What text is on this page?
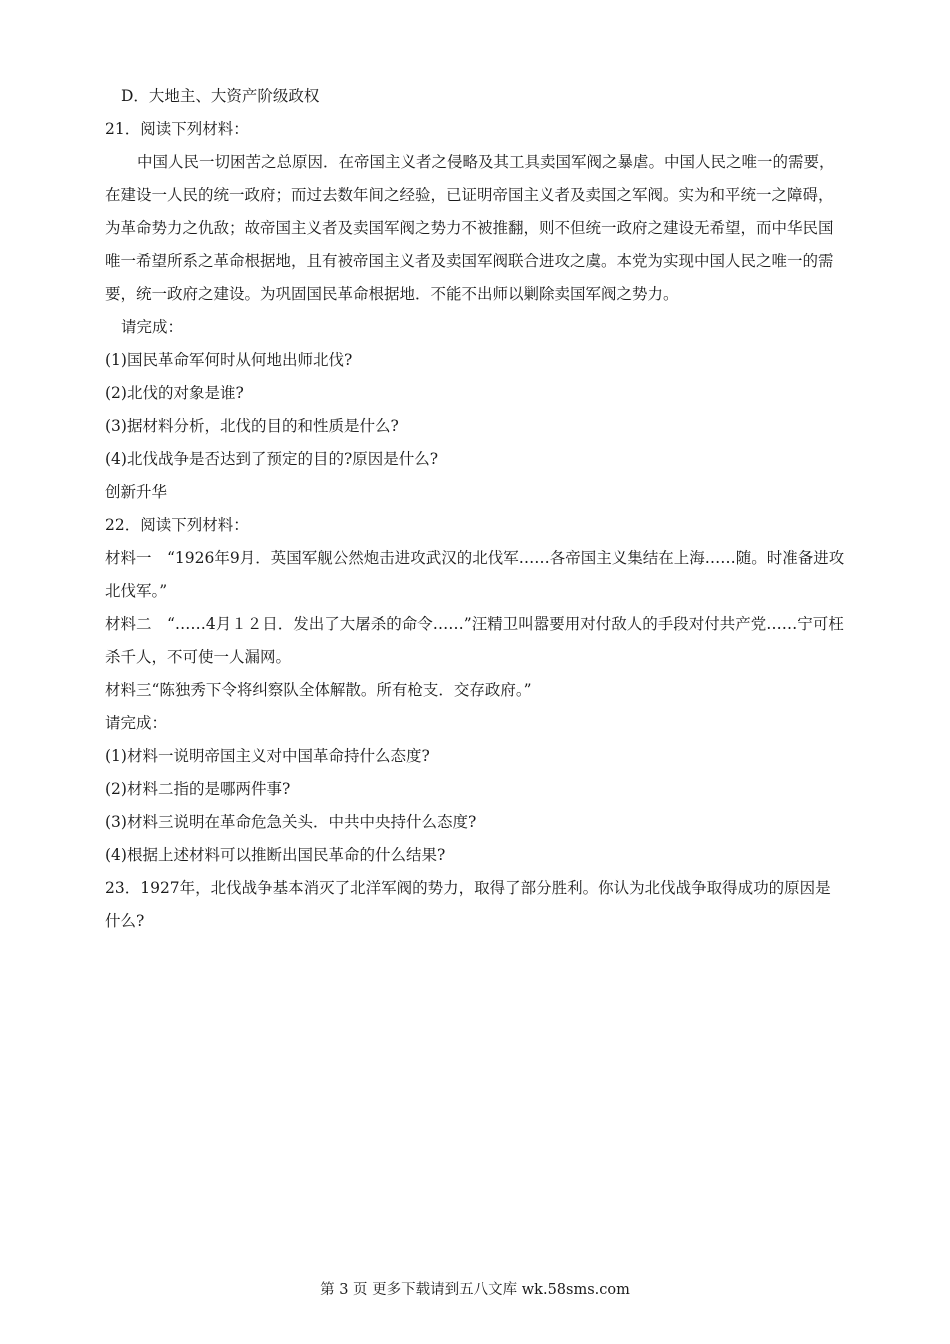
D．大地主、大资产阶级政权

21．阅读下列材料：

中国人民一切困苦之总原因．在帝国主义者之侵略及其工具卖国军阀之暴虐。中国人民之唯一的需要，在建设一人民的统一政府；而过去数年间之经验，已证明帝国主义者及卖国之军阀。实为和平统一之障碍，为革命势力之仇敌；故帝国主义者及卖国军阀之势力不被推翻，则不但统一政府之建设无希望，而中华民国唯一希望所系之革命根据地，且有被帝国主义者及卖国军阀联合进攻之虞。本党为实现中国人民之唯一的需要，统一政府之建设。为巩固国民革命根据地．不能不出师以剿除卖国军阀之势力。

请完成：

(1)国民革命军何时从何地出师北伐?

(2)北伐的对象是谁?

(3)据材料分析，北伐的目的和性质是什么?

(4)北伐战争是否达到了预定的目的?原因是什么?

创新升华

22．阅读下列材料：

材料一　“1926年9月．英国军舰公然炮击进攻武汉的北伐军……各帝国主义集结在上海……随。时准备进攻北伐军。”

材料二　“……4月１２日．发出了大屠杀的命令……”汪精卫叫嚣要用对付敌人的手段对付共产党……宁可枉杀千人，不可使一人漏网。

材料三“陈独秀下令将纠察队全体解散。所有枪支．交存政府。”

请完成：

(1)材料一说明帝国主义对中国革命持什么态度?

(2)材料二指的是哪两件事?

(3)材料三说明在革命危急关头．中共中央持什么态度?

(4)根据上述材料可以推断出国民革命的什么结果?

23．1927年，北伐战争基本消灭了北洋军阀的势力，取得了部分胜利。你认为北伐战争取得成功的原因是什么?

第 3 页 更多下载请到五八文库 wk.58sms.com
